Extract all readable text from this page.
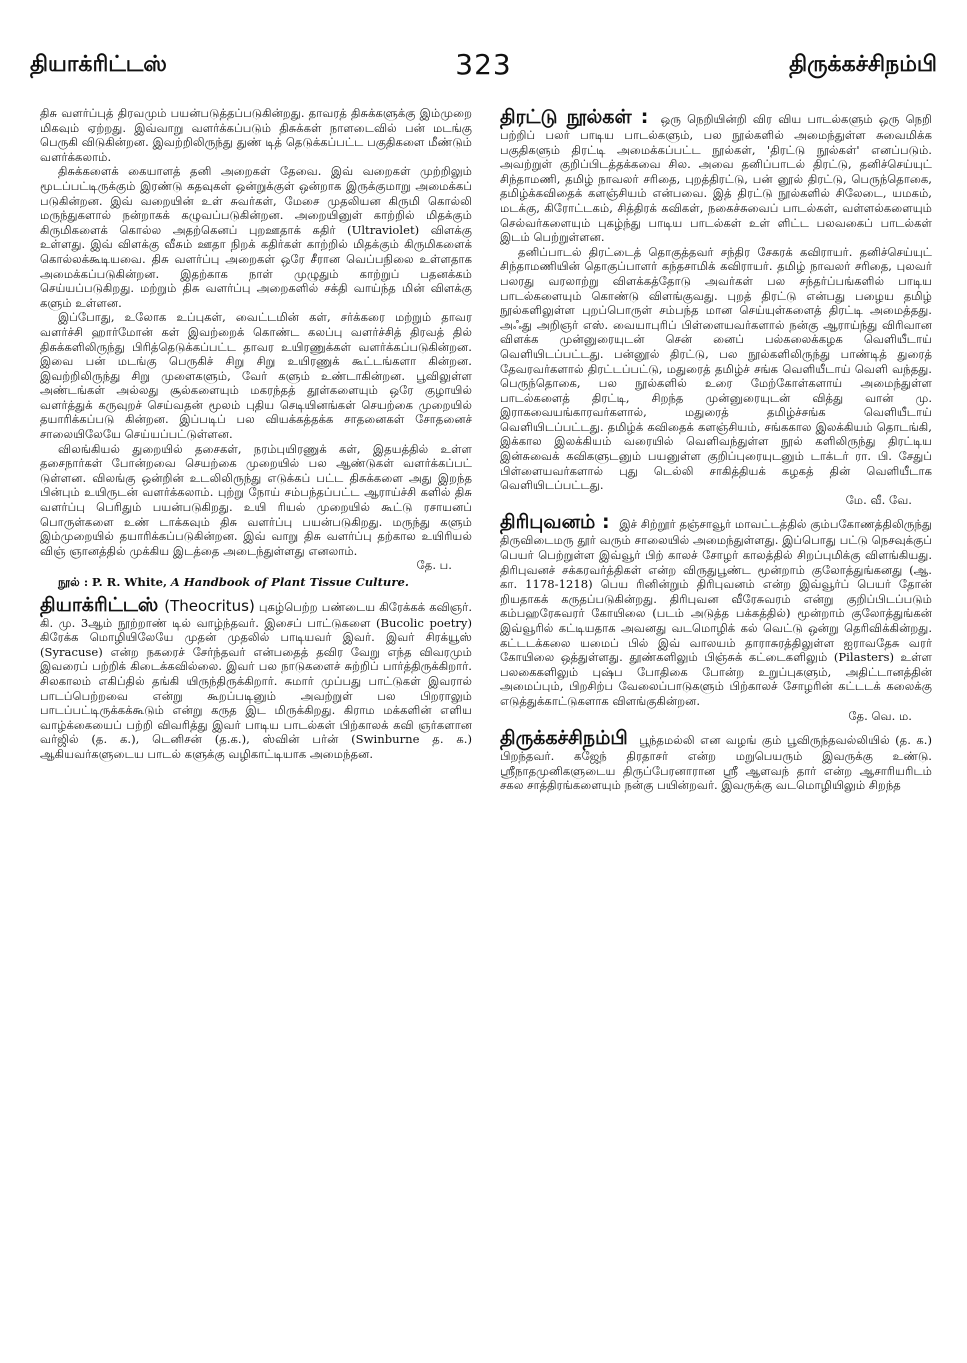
தியாக்ரிட்டஸ்	323	திருக்கச்சிநம்பி

திசு வளர்ப்புத் திரவமும் பயன்படுத்தப்படுகின்றது. தாவரத் திசுக்களுக்கு இம்முறை மிகவும் ஏற்றது. இவ்வாறு வளர்க்கப்படும் திசுக்கள் நாளடைவில் பன் மடங்கு பெருகி விடுகின்றன. இவற்றிலிருந்து துண் டித் தெடுக்கப்பட்ட பகுதிகளை மீண்டும் வளர்க்கலாம்.

திசுக்களைக் கையாளத் தனி அறைகள் தேவை. இவ் வறைகள் முற்றிலும் மூடப்பட்டிருக்கும் இரண்டு கதவுகள் ஒன்றுக்குள் ஒன்றாக இருக்குமாறு அமைக்கப் படுகின்றன. இவ் வறையின் உள் சுவர்கள், மேசை முதலியன கிருமி கொல்லி மருந்துகளால் நன்றாகக் கழுவப்படுகின்றன. அறையினுள் காற்றில் மிதக்கும் கிருமிகளைக் கொல்ல அதற்கெனப் புறஊதாக் கதிர் (Ultraviolet) விளக்கு உள்ளது. இவ் விளக்கு வீசும் ஊதா நிறக் கதிர்கள் காற்றில் மிதக்கும் கிருமிகளைக் கொல்லக்கூடியவை. திசு வளர்ப்பு அறைகள் ஒரே சீரான வெப்பநிலை உள்ளதாக அமைக்கப்படுகின்றன. இதற்காக நாள் முழுதும் காற்றுப் பதனக்கம் செய்யப்படுகிறது. மற்றும் திசு வளர்ப்பு அறைகளில் சக்தி வாய்ந்த மின் விளக்கு களும் உள்ளன.

இப்போது, உலோக உப்புகள், வைட்டமின் கள், சர்க்கரை மற்றும் தாவர வளர்ச்சி ஹார்மோன் கள் இவற்றைக் கொண்ட கலப்பு வளர்ச்சித் திரவத் தில் திசுக்களிலிருந்து பிரித்தெடுக்கப்பட்ட தாவர உயிரணுக்கள் வளர்க்கப்படுகின்றன. இவை பன் மடங்கு பெருகிச் சிறு சிறு உயிரணுக் கூட்டங்களா கின்றன. இவற்றிலிருந்து சிறு முளைகளும், வேர் களும் உண்டாகின்றன. பூவிலுள்ள அண்டங்கள் அல்லது சூல்களையும் மகரந்தத் தூள்களையும் ஒரே குழாயில் வளர்த்துக் கருவுறச் செய்வதன் மூலம் புதிய செடியினங்கள் செயற்கை முறையில் தயாரிக்கப்படு கின்றன. இப்படிப் பல வியக்கத்தக்க சாதனைகள் சோதனைச் சாலையிலேயே செய்யப்பட்டுள்ளன.

விலங்கியல் துறையில் தசைகள், நரம்புயிரணுக் கள், இதயத்தில் உள்ள தசைநார்கள் போன்றவை செயற்கை முறையில் பல ஆண்டுகள் வளர்க்கப்பட் டுள்ளன. விலங்கு ஒன்றின் உடலிலிருந்து எடுக்கப் பட்ட திசுக்களை அது இறந்த பின்பும் உயிருடன் வளர்க்கலாம். புற்று நோய் சம்பந்தப்பட்ட ஆராய்ச்சி களில் திசு வளர்ப்பு பெரிதும் பயன்படுகிறது. உயி ரியல் முறையில் கூட்டு ரசாயனப் பொருள்களை உண் டாக்கவும் திசு வளர்ப்பு பயன்படுகிறது. மருந்து களும் இம்முறையில் தயாரிக்கப்படுகின்றன. இவ் வாறு திசு வளர்ப்பு தற்கால உயிரியல் விஞ் ஞானத்தில் முக்கிய இடத்தை அடைந்துள்ளது எனலாம்.

தே. ப.

நூல் : P. R. White, A Handbook of Plant Tissue Culture.

தியாக்ரிட்டஸ் (Theocritus) புகழ்பெற்ற பண்டைய கிரேக்கக் கவிஞர். கி. மு. 3ஆம் நூற்றாண் டில் வாழ்ந்தவர். இசைப் பாட்டுகளை (Bucolic poetry) கிரேக்க மொழியிலேயே முதன் முதலில் பாடியவர் இவர். இவர் சிரக்யூஸ் (Syracuse) என்ற நகரைச் சேர்ந்தவர் என்பதைத் தவிர வேறு எந்த விவரமும் இவரைப் பற்றிக் கிடைக்கவில்லை. இவர் பல நாடுகளைச் சுற்றிப் பார்த்திருக்கிறார். சிலகாலம் எகிப்தில் தங்கி யிருந்திருக்கிறார். சுமார் முப்பது பாட்டுகள் இவரால் பாடப்பெற்றவை என்று கூறப்படினும் அவற்றுள் பல பிறராலும் பாடப்பட்டிருக்கக்கூடும் என்று கருத இட மிருக்கிறது. கிராம மக்களின் எளிய வாழ்க்கையைப் பற்றி விவரித்து இவர் பாடிய பாடல்கள் பிற்காலக் கவி ஞர்களான வர்ஜில் (த. க.), டெனிசன் (த.க.), ஸ்வின் பர்ன் (Swinburne த. க.) ஆகியவர்களுடைய பாடல் களுக்கு வழிகாட்டியாக அமைந்தன.

திரட்டு நூல்கள் : ஒரு நெறியின்றி விர விய பாடல்களும் ஒரு நெறி பற்றிப் பலர் பாடிய பாடல்களும், பல நூல்களில் அமைந்துள்ள சுவைமிக்க பகுதிகளும் திரட்டி அமைக்கப்பட்ட நூல்கள், 'திரட்டு நூல்கள்' எனப்படும். அவற்றுள் குறிப்பிடத்தக்கவை சில. அவை தனிப்பாடல் திரட்டு, தனிச்செய்யுட் சிந்தாமணி, தமிழ் நாவலர் சரிதை, புறத்திரட்டு, பன் னூல் திரட்டு, பெருந்தொகை, தமிழ்க்கவிதைக் களஞ்சியம் என்பவை. இத் திரட்டு நூல்களில் சிலேடை, யமகம், மடக்கு, கிரோட்டகம், சித்திரக் கவிகள், நகைச்சுவைப் பாடல்கள், வள்ளல்களையும் செல்வர்களையும் புகழ்ந்து பாடிய பாடல்கள் உள் ளிட்ட பலவகைப் பாடல்கள் இடம் பெற்றுள்ளன.

தனிப்பாடல் திரட்டைத் தொகுத்தவர் சந்திர சேகரக் கவிராயர். தனிச்செய்யுட் சிந்தாமணியின் தொகுப்பாளர் கந்தசாமிக் கவிராயர். தமிழ் நாவலர் சரிதை, புலவர் பலரது வரலாற்று விளக்கத்தோடு அவர்கள் பல சந்தர்ப்பங்களில் பாடிய பாடல்களையும் கொண்டு விளங்குவது. புறத் திரட்டு என்பது பழைய தமிழ் நூல்களிலுள்ள புறப்பொருள் சம்பந்த மான செய்யுள்களைத் திரட்டி அமைத்தது. அஃது அறிஞர் எஸ். வையாபுரிப் பிள்ளையவர்களால் நன்கு ஆராய்ந்து விரிவான விளக்க முன்னுரையுடன் சென் னைப் பல்கலைக்கழக வெளியீடாய் வெளியிடப்பட்டது. பன்னூல் திரட்டு, பல நூல்களிலிருந்து பாண்டித் துரைத் தேவரவர்களால் திரட்டப்பட்டு, மதுரைத் தமிழ்ச் சங்க வெளியீடாய் வெளி வந்தது. பெருந்தொகை, பல நூல்களில் உரை மேற்கோள்களாய் அமைந்துள்ள பாடல்களைத் திரட்டி, சிறந்த முன்னுரையுடன் வித்து வான் மு. இராகவையங்காரவர்களால், மதுரைத் தமிழ்ச்சங்க வெளியீடாய் வெளியிடப்பட்டது. தமிழ்க் கவிதைக் களஞ்சியம், சங்ககால இலக்கியம் தொடங்கி, இக்கால இலக்கியம் வரையில் வெளிவந்துள்ள நூல் களிலிருந்து திரட்டிய இன்சுவைக் கவிகளுடனும் பயனுள்ள குறிப்புரையுடனும் டாக்டர் ரா. பி. சேதுப் பிள்ளையவர்களால் புது டெல்லி சாகித்தியக் கழகத் தின் வெளியீடாக வெளியிடப்பட்டது.

மே. வீ. வே.

திரிபுவனம் : இச் சிற்றூர் தஞ்சாவூர் மாவட்டத்தில் கும்பகோணத்திலிருந்து திருவிடைமரு தூர் வரும் சாலையில் அமைந்துள்ளது. இப்பொது பட்டு நெசவுக்குப் பெயர் பெற்றுள்ள இவ்வூர் பிற் காலச் சோழர் காலத்தில் சிறப்புமிக்கு விளங்கியது. திரிபுவனச் சக்கரவர்த்திகள் என்ற விருதுபூண்ட மூன்றாம் குலோத்துங்கனது (ஆ. கா. 1178-1218) பெய ரினின்றும் திரிபுவனம் என்ற இவ்வூர்ப் பெயர் தோன் றியதாகக் கருதப்படுகின்றது. திரிபுவன வீரேசுவரம் என்று குறிப்பிடப்படும் கம்பஹரேசுவரர் கோயிலை (படம் அடுத்த பக்கத்தில்) மூன்றாம் குலோத்துங்கன் இவ்வூரில் கட்டியதாக அவனது வடமொழிக் கல் வெட்டு ஒன்று தெரிவிக்கின்றது. கட்டடக்கலை யமைப் பில் இவ் வாலயம் தாராசுரத்திலுள்ள ஐராவதேசு வரர் கோயிலை ஒத்துள்ளது. தூண்களிலும் பிஞ்சுக் கட்டைகளிலும் (Pilasters) உள்ள பலகைகளிலும் புஷ்ப போதிகை போன்ற உறுப்புகளும், அதிட்டானத்தின் அமைப்பும், பிறசிற்ப வேலைப்பாடுகளும் பிற்காலச் சோழரின் கட்டடக் கலைக்கு எடுத்துக்காட்டுகளாக விளங்குகின்றன.

தே. வெ. ம.

திருக்கச்சிநம்பி பூந்தமல்லி என வழங் கும் பூவிருந்தவல்லியில் (த. க.) பிறந்தவர். கஜேந் திரதாசர் என்ற மறுபெயரும் இவருக்கு உண்டு. ஸ்ரீநாதமுனிகளுடைய திருப்பேரனாரான ஸ்ரீ ஆளவந் தார் என்ற ஆசாரியரிடம் சகல சாத்திரங்களையும் நன்கு பயின்றவர். இவருக்கு வடமொழியிலும் சிறந்த
